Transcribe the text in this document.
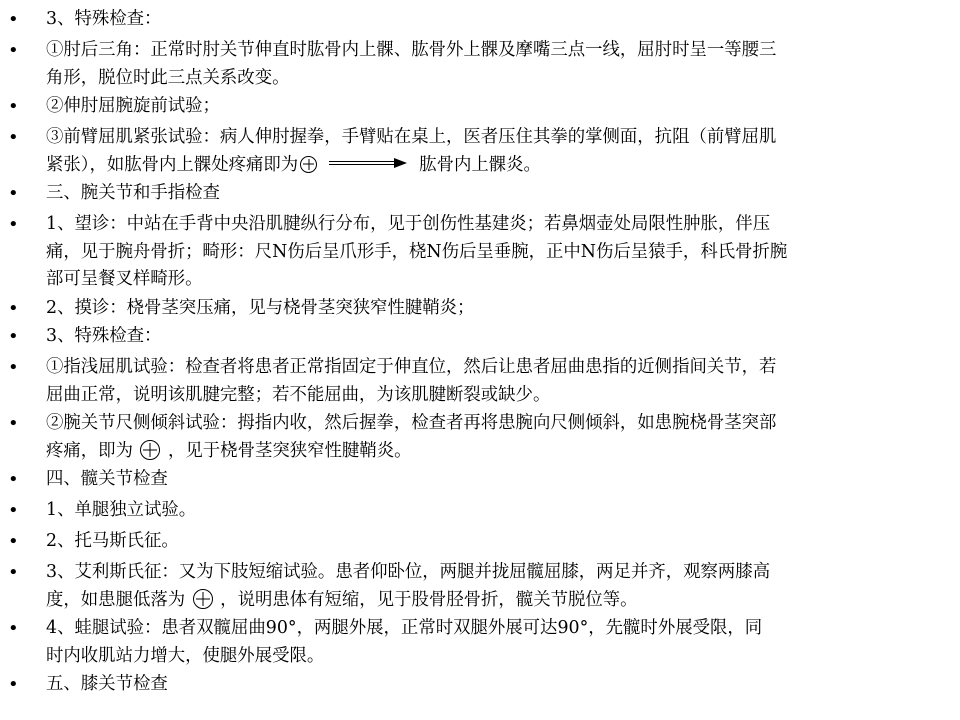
• 3、特殊检查：
• ①肘后三角：正常时肘关节伸直时肱骨内上髁、肱骨外上髁及摩嘴三点一线，屈肘时呈一等腰三
角形，脱位时此三点关系改变。
• ②伸肘屈腕旋前试验；
• ③前臂屈肌紧张试验：病人伸肘握拳，手臂贴在桌上，医者压住其拳的掌侧面，抗阻（前臂屈肌
紧张），如肱骨内上髁处疼痛即为	肱骨内上髁炎。
• 三、腕关节和手指检查
• 1、望诊：中站在手背中央沿肌腱纵行分布，见于创伤性基建炎；若鼻烟壶处局限性肿胀，伴压
痛，见于腕舟骨折；畸形：尺N伤后呈爪形手，桡N伤后呈垂腕，正中N伤后呈猿手，科氏骨折腕
部可呈餐叉样畸形。
• 2、摸诊：桡骨茎突压痛，见与桡骨茎突狭窄性腱鞘炎；
• 3、特殊检查：
• ①指浅屈肌试验：检查者将患者正常指固定于伸直位，然后让患者屈曲患指的近侧指间关节，若
屈曲正常，说明该肌腱完整；若不能屈曲，为该肌腱断裂或缺少。
• ②腕关节尺侧倾斜试验：拇指内收，然后握拳，检查者再将患腕向尺侧倾斜，如患腕桡骨茎突部
疼痛，即为  ，见于桡骨茎突狭窄性腱鞘炎。
• 四、髋关节检查
• 1、单腿独立试验。
• 2、托马斯氏征。
• 3、艾利斯氏征：又为下肢短缩试验。患者仰卧位，两腿并拢屈髋屈膝，两足并齐，观察两膝高
度，如患腿低落为  ，说明患体有短缩，见于股骨胫骨折，髋关节脱位等。
• 4、蛙腿试验：患者双髋屈曲90°，两腿外展，正常时双腿外展可达90°，先髋时外展受限，同
时内收肌站力增大，使腿外展受限。
• 五、膝关节检查
